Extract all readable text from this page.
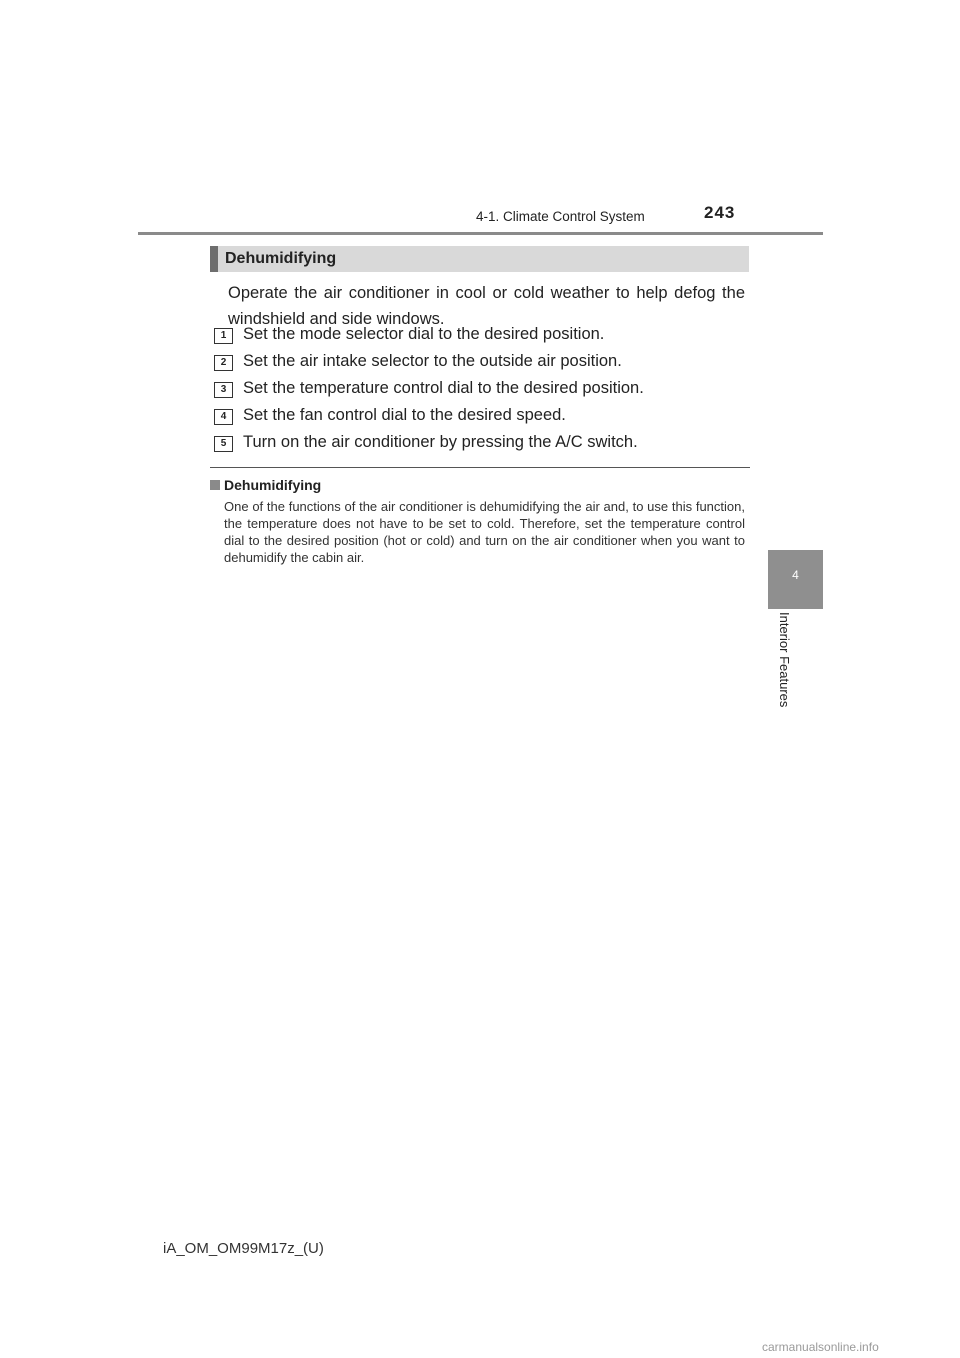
4-1. Climate Control System	243
4
Interior Features
Dehumidifying
Operate the air conditioner in cool or cold weather to help defog the windshield and side windows.
1	Set the mode selector dial to the desired position.
2	Set the air intake selector to the outside air position.
3	Set the temperature control dial to the desired position.
4	Set the fan control dial to the desired speed.
5	Turn on the air conditioner by pressing the A/C switch.
Dehumidifying
One of the functions of the air conditioner is dehumidifying the air and, to use this function, the temperature does not have to be set to cold. Therefore, set the temperature control dial to the desired position (hot or cold) and turn on the air conditioner when you want to dehumidify the cabin air.
iA_OM_OM99M17z_(U)
carmanualsonline.info
